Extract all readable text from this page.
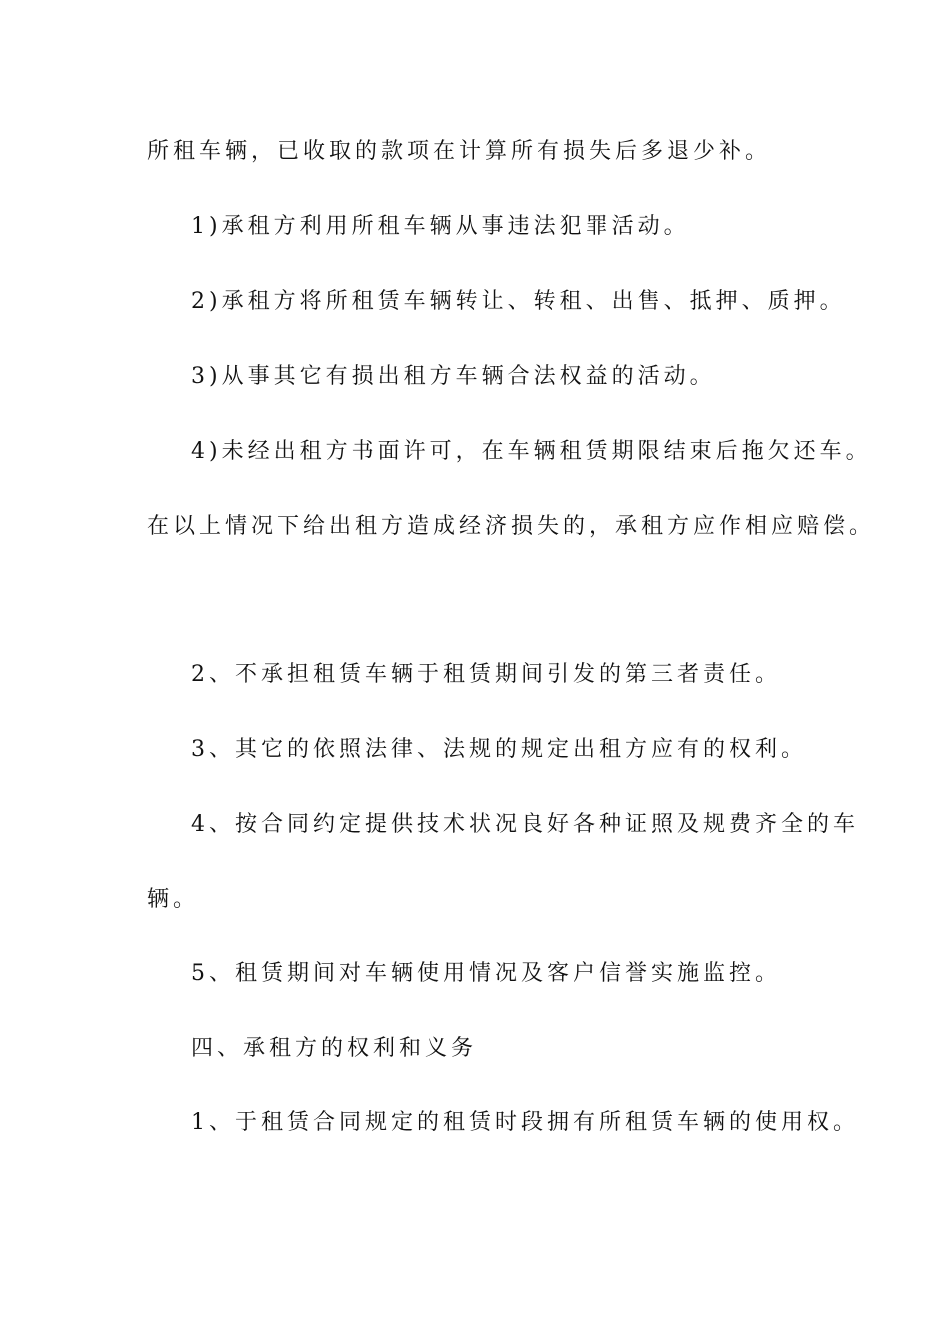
所租车辆，已收取的款项在计算所有损失后多退少补。

1)承租方利用所租车辆从事违法犯罪活动。

2)承租方将所租赁车辆转让、转租、出售、抵押、质押。

3)从事其它有损出租方车辆合法权益的活动。

4)未经出租方书面许可，在车辆租赁期限结束后拖欠还车。

在以上情况下给出租方造成经济损失的，承租方应作相应赔偿。

2、不承担租赁车辆于租赁期间引发的第三者责任。

3、其它的依照法律、法规的规定出租方应有的权利。

4、按合同约定提供技术状况良好各种证照及规费齐全的车

辆。

5、租赁期间对车辆使用情况及客户信誉实施监控。

四、承租方的权利和义务

1、于租赁合同规定的租赁时段拥有所租赁车辆的使用权。
